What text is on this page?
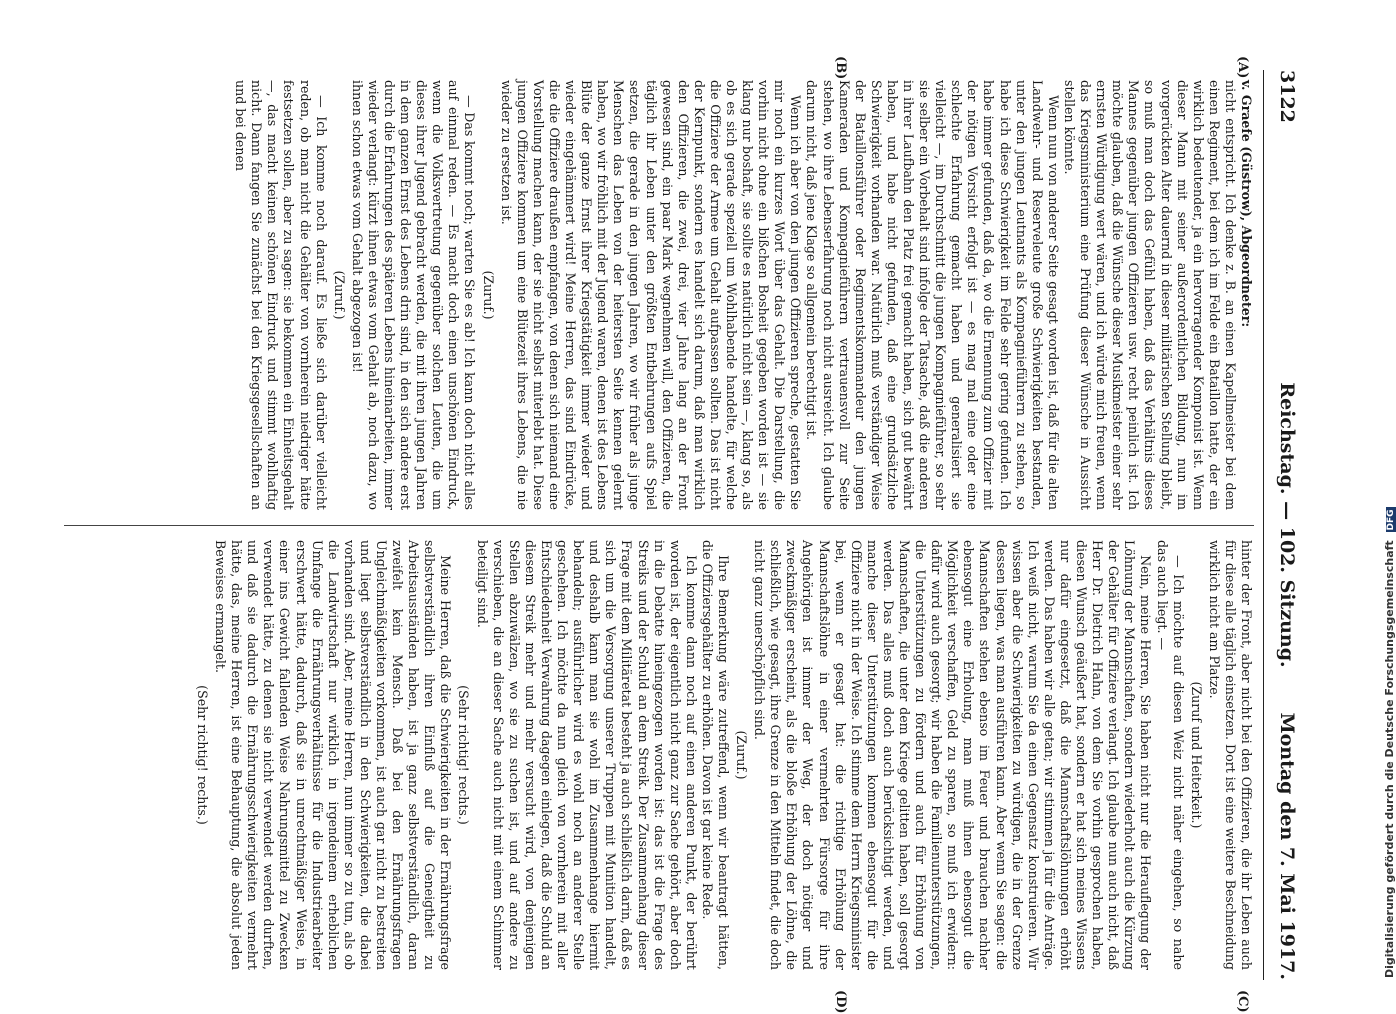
3122
Reichstag. — 102. Sitzung.
Montag den 7. Mai 1917.
(A)
(B)
(C)
(D)

v. Graefe (Güstrow), Abgeordneter:

nicht entspricht. Ich denke z. B. an einen Kapellmeister bei dem einen Regiment, bei dem ich im Felde ein Bataillon hatte, der ein wirklich bedeutender, ja ein hervorragender Komponist ist. Wenn dieser Mann mit seiner außerordentlichen Bildung, nun im vorgerückten Alter dauernd in dieser militärischen Stellung bleibt, so muß man doch das Gefühl haben, daß das Verhältnis dieses Mannes gegenüber jungen Offizieren usw. recht peinlich ist. Ich möchte glauben, daß die Wünsche dieser Musikmeister einer sehr ernsten Würdigung wert wären, und ich würde mich freuen, wenn das Kriegsministerium eine Prüfung dieser Wünsche in Aussicht stellen könnte.

Wenn nun von anderer Seite gesagt worden ist, daß für die alten Landwehr- und Reserveleute große Schwierigkeiten bestanden, unter den jungen Leutnants als Kompagnieführern zu stehen, so habe ich diese Schwierigkeit im Felde sehr gering gefunden. Ich habe immer gefunden, daß da, wo die Ernennung zum Offizier mit der nötigen Vorsicht erfolgt ist — es mag mal eine oder eine schlechte Erfahrung gemacht haben und generalisiert sie vielleicht —, im Durchschnitt die jungen Kompagnieführer, so sehr sie selber ein Vorbehalt sind infolge der Tatsache, daß die anderen in ihrer Laufbahn den Platz frei gemacht haben, sich gut bewährt haben, und habe nicht gefunden, daß eine grundsätzliche Schwierigkeit vorhanden war. Natürlich muß verständiger Weise der Bataillonsführer oder Regimentskommandeur den jungen Kameraden und Kompagnieführern vertrauensvoll zur Seite stehen, wo ihre Lebenserfahrung noch nicht ausreicht. Ich glaube darum nicht, daß jene Klage so allgemein berechtigt ist.

Wenn ich aber von den jungen Offizieren spreche, gestatten Sie mir noch ein kurzes Wort über das Gehalt. Die Darstellung, die vorhin nicht ohne ein bißchen Bosheit gegeben worden ist — sie klang nur boshaft, sie sollte es natürlich nicht sein —, klang so, als ob es sich gerade speziell um Wohlhabende handelte, für welche die Offiziere der Armee um Gehalt aufpassen sollten. Das ist nicht der Kernpunkt, sondern es handelt sich darum, daß man wirklich den Offizieren, die zwei, drei, vier Jahre lang an der Front gewesen sind, ein paar Mark wegnehmen will, den Offizieren, die täglich ihr Leben unter den größten Entbehrungen aufs Spiel setzen, die gerade in den jungen Jahren, wo wir früher als junge Menschen das Leben von der heitersten Seite kennen gelernt haben, wo wir fröhlich mit der Jugend waren, denen ist des Lebens Blüte der ganze Ernst ihrer Kriegstätigkeit immer wieder und wieder eingehämmert wird! Meine Herren, das sind Eindrücke, die die Offiziere draußen empfangen, von denen sich niemand eine Vorstellung machen kann, der sie nicht selbst miterlebt hat. Diese jungen Offiziere kommen um eine Blütezeit ihres Lebens, die nie wieder zu ersetzen ist.

(Zuruf.)

— Das kommt noch; warten Sie es ab! Ich kann doch nicht alles auf einmal reden. — Es macht doch einen unschönen Eindruck, wenn die Volksvertretung gegenüber solchen Leuten, die um dieses ihrer Jugend gebracht werden, die mit ihren jungen Jahren in dem ganzen Ernst des Lebens drin sind, in den sich andere erst durch die Erfahrungen des späteren Lebens hineinarbeiten, immer wieder verlangt: kürzt ihnen etwas vom Gehalt ab, noch dazu, wo ihnen schon etwas vom Gehalt abgezogen ist!

(Zuruf.)

— Ich komme noch darauf. Es ließe sich darüber vielleicht reden, ob man nicht die Gehälter von vornherein niedriger hätte festsetzen sollen, aber zu sagen: sie bekommen ein Einheitsgehalt —, das macht keinen schönen Eindruck und stimmt wohlhaftig nicht. Dann fangen Sie zunächst bei den Kriegsgesellschaften an und bei denen

hinter der Front, aber nicht bei den Offizieren, die ihr Leben auch für diese alle täglich einsetzen. Dort ist eine weitere Beschneidung wirklich nicht am Platze.

(Zuruf und Heiterkeit.)

— Ich möchte auf diesen Weiz nicht näher eingehen, so nahe das auch liegt. —

Nein, meine Herren, Sie haben nicht nur die Herauflegung der Löhnung der Mannschaften, sondern wiederholt auch die Kürzung der Gehälter für Offiziere verlangt. Ich glaube nun auch nicht, daß Herr Dr. Dietrich Hahn, von dem Sie vorhin gesprochen haben, diesen Wunsch geäußert hat, sondern er hat sich meines Wissens nur dafür eingesetzt, daß die Mannschaftslöhnungen erhöht werden. Das haben wir alle getan; wir stimmen ja für die Anträge. Ich weiß nicht, warum Sie da einen Gegensatz konstruieren. Wir wissen aber die Schwierigkeiten zu würdigen, die in der Grenze dessen liegen, was man ausführen kann. Aber wenn Sie sagen: die Mannschaften stehen ebenso im Feuer und brauchen nachher ebensogut eine Erholung, man muß ihnen ebensogut die Möglichkeit verschaffen, Geld zu sparen, so muß ich erwidern: dafür wird auch gesorgt; wir haben die Familienunterstützungen, die Unterstützungen zu fördern und auch für Erhöhung von Mannschaften, die unter dem Kriege gelitten haben, soll gesorgt werden. Das alles muß doch auch berücksichtigt werden, und manche dieser Unterstützungen kommen ebensogut für die Offiziere nicht in der Weise. Ich stimme dem Herrn Kriegsminister bei, wenn er gesagt hat: die richtige Erhöhung der Mannschaftslöhne in einer vermehrten Fürsorge für ihre Angehörigen ist immer der Weg, der doch nötiger und zweckmäßiger erscheint, als die bloße Erhöhung der Löhne, die schließlich, wie gesagt, ihre Grenze in den Mitteln findet, die doch nicht ganz unerschöpflich sind.

(Zuruf.)

Ihre Bemerkung wäre zutreffend, wenn wir beantragt hätten, die Offiziersgehälter zu erhöhen. Davon ist gar keine Rede.

Ich komme dann noch auf einen anderen Punkt, der berührt worden ist, der eigentlich nicht ganz zur Sache gehört, aber doch in die Debatte hineingezogen worden ist: das ist die Frage des Streiks und der Schuld an dem Streik. Der Zusammenhang dieser Frage mit dem Militäretat besteht ja auch schließlich darin, daß es sich um die Versorgung unserer Truppen mit Munition handelt, und deshalb kann man sie wohl im Zusammenhange hiermit behandeln; ausführlicher wird es wohl noch an anderer Stelle geschehen. Ich möchte da nun gleich von vornherein mit aller Entschiedenheit Verwahrung dagegen einlegen, daß die Schuld an diesem Streik mehr und mehr versucht wird, von denjenigen Stellen abzuwälzen, wo sie zu suchen ist, und auf andere zu verschieben, die an dieser Sache auch nicht mit einem Schimmer beteiligt sind.

(Sehr richtig! rechts.)

Meine Herren, daß die Schwierigkeiten in der Ernährungsfrage selbstverständlich ihren Einfluß auf die Geneigtheit zu Arbeitsausständen haben, ist ja ganz selbstverständlich, daran zweifelt kein Mensch. Daß bei den Ernährungsfragen Ungleichmäßigkeiten vorkommen, ist auch gar nicht zu bestreiten und liegt selbstverständlich in den Schwierigkeiten, die dabei vorhanden sind. Aber, meine Herren, nun immer so zu tun, als ob die Landwirtschaft nur wirklich in irgendeinem erheblichen Umfange die Ernährungsverhältnisse für die Industriearbeiter erschwert hätte, dadurch, daß sie in unrechtmäßiger Weise, in einer ins Gewicht fallenden Weise Nahrungsmittel zu Zwecken verwendet hätte, zu denen sie nicht verwendet werden durften, und daß sie dadurch die Ernährungsschwierigkeiten vermehrt hätte, das, meine Herren, ist eine Behauptung, die absolut jeden Beweises ermangelt.

(Sehr richtig! rechts.)	Digitalisierung gefördert durch die Deutsche Forschungsgemeinschaft DFG
